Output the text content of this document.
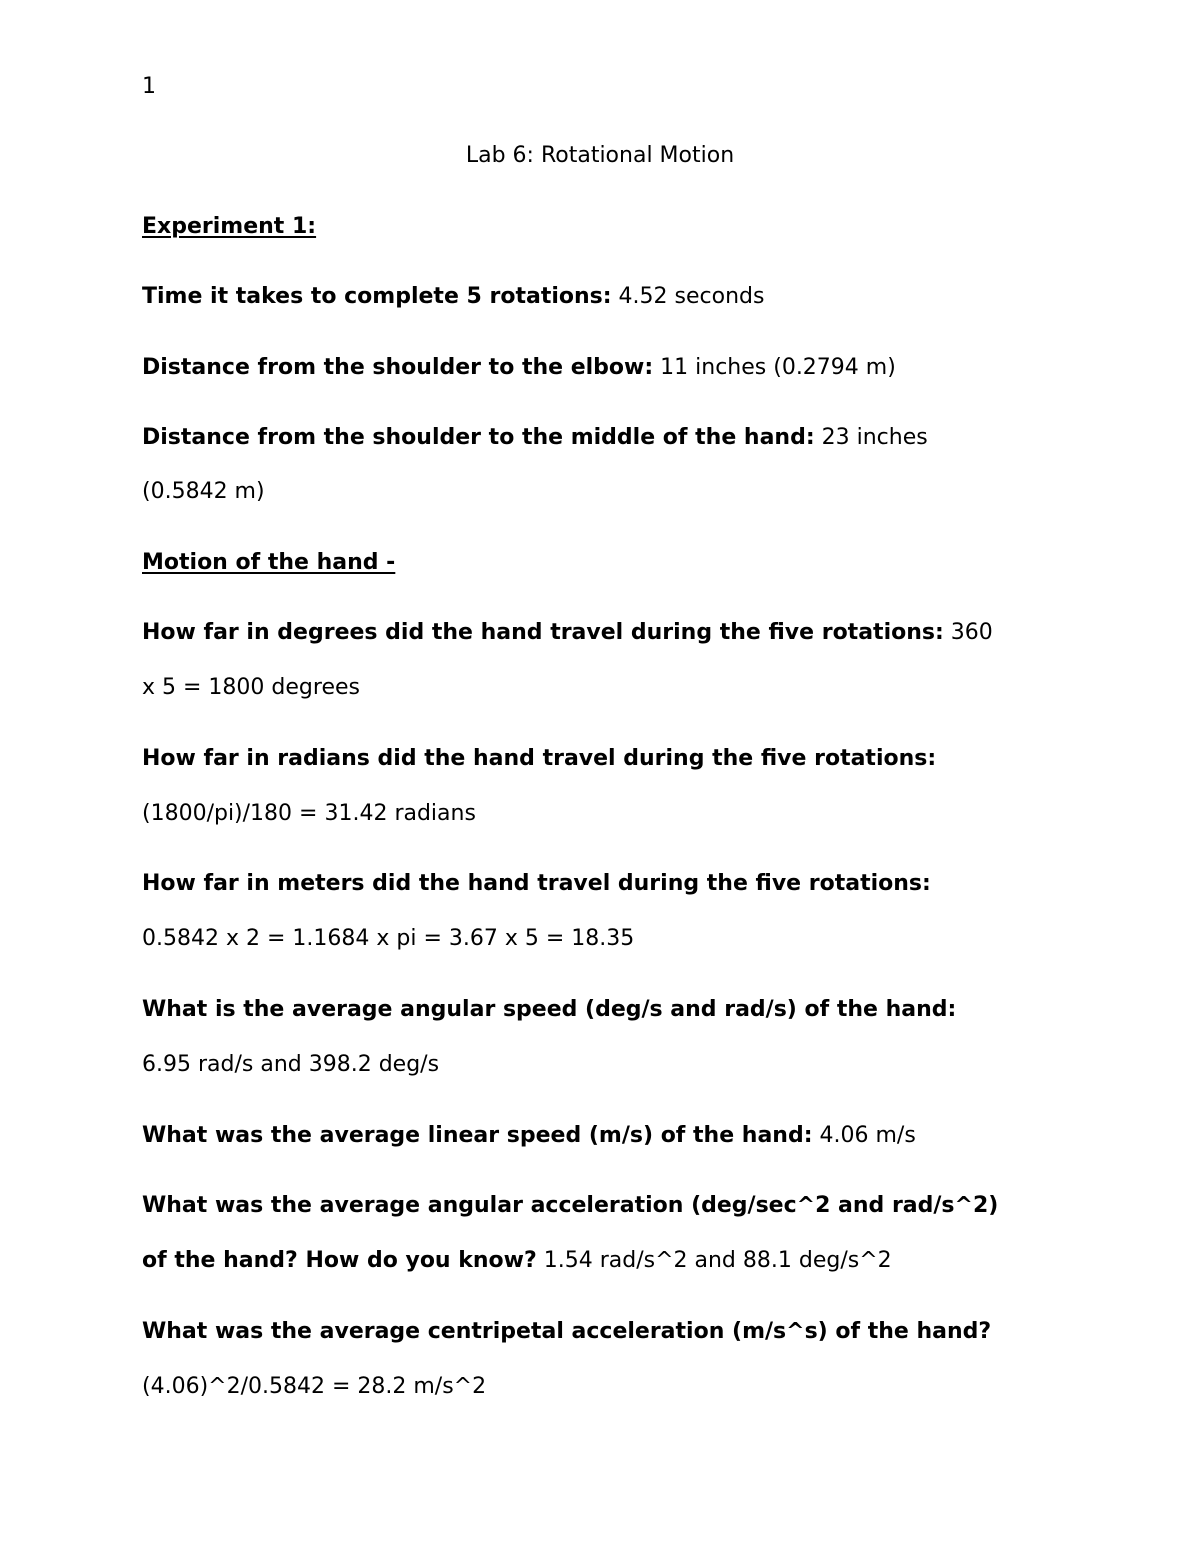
1
Lab 6: Rotational Motion
Experiment 1:
Time it takes to complete 5 rotations: 4.52 seconds
Distance from the shoulder to the elbow: 11 inches (0.2794 m)
Distance from the shoulder to the middle of the hand: 23 inches
(0.5842 m)
Motion of the hand -
How far in degrees did the hand travel during the five rotations: 360
x 5 = 1800 degrees
How far in radians did the hand travel during the five rotations:
(1800/pi)/180 = 31.42 radians
How far in meters did the hand travel during the five rotations:
0.5842 x 2 = 1.1684 x pi = 3.67 x 5 = 18.35
What is the average angular speed (deg/s and rad/s) of the hand:
6.95 rad/s and 398.2 deg/s
What was the average linear speed (m/s) of the hand: 4.06 m/s
What was the average angular acceleration (deg/sec^2 and rad/s^2)
of the hand? How do you know? 1.54 rad/s^2 and 88.1 deg/s^2
What was the average centripetal acceleration (m/s^s) of the hand?
(4.06)^2/0.5842 = 28.2 m/s^2
